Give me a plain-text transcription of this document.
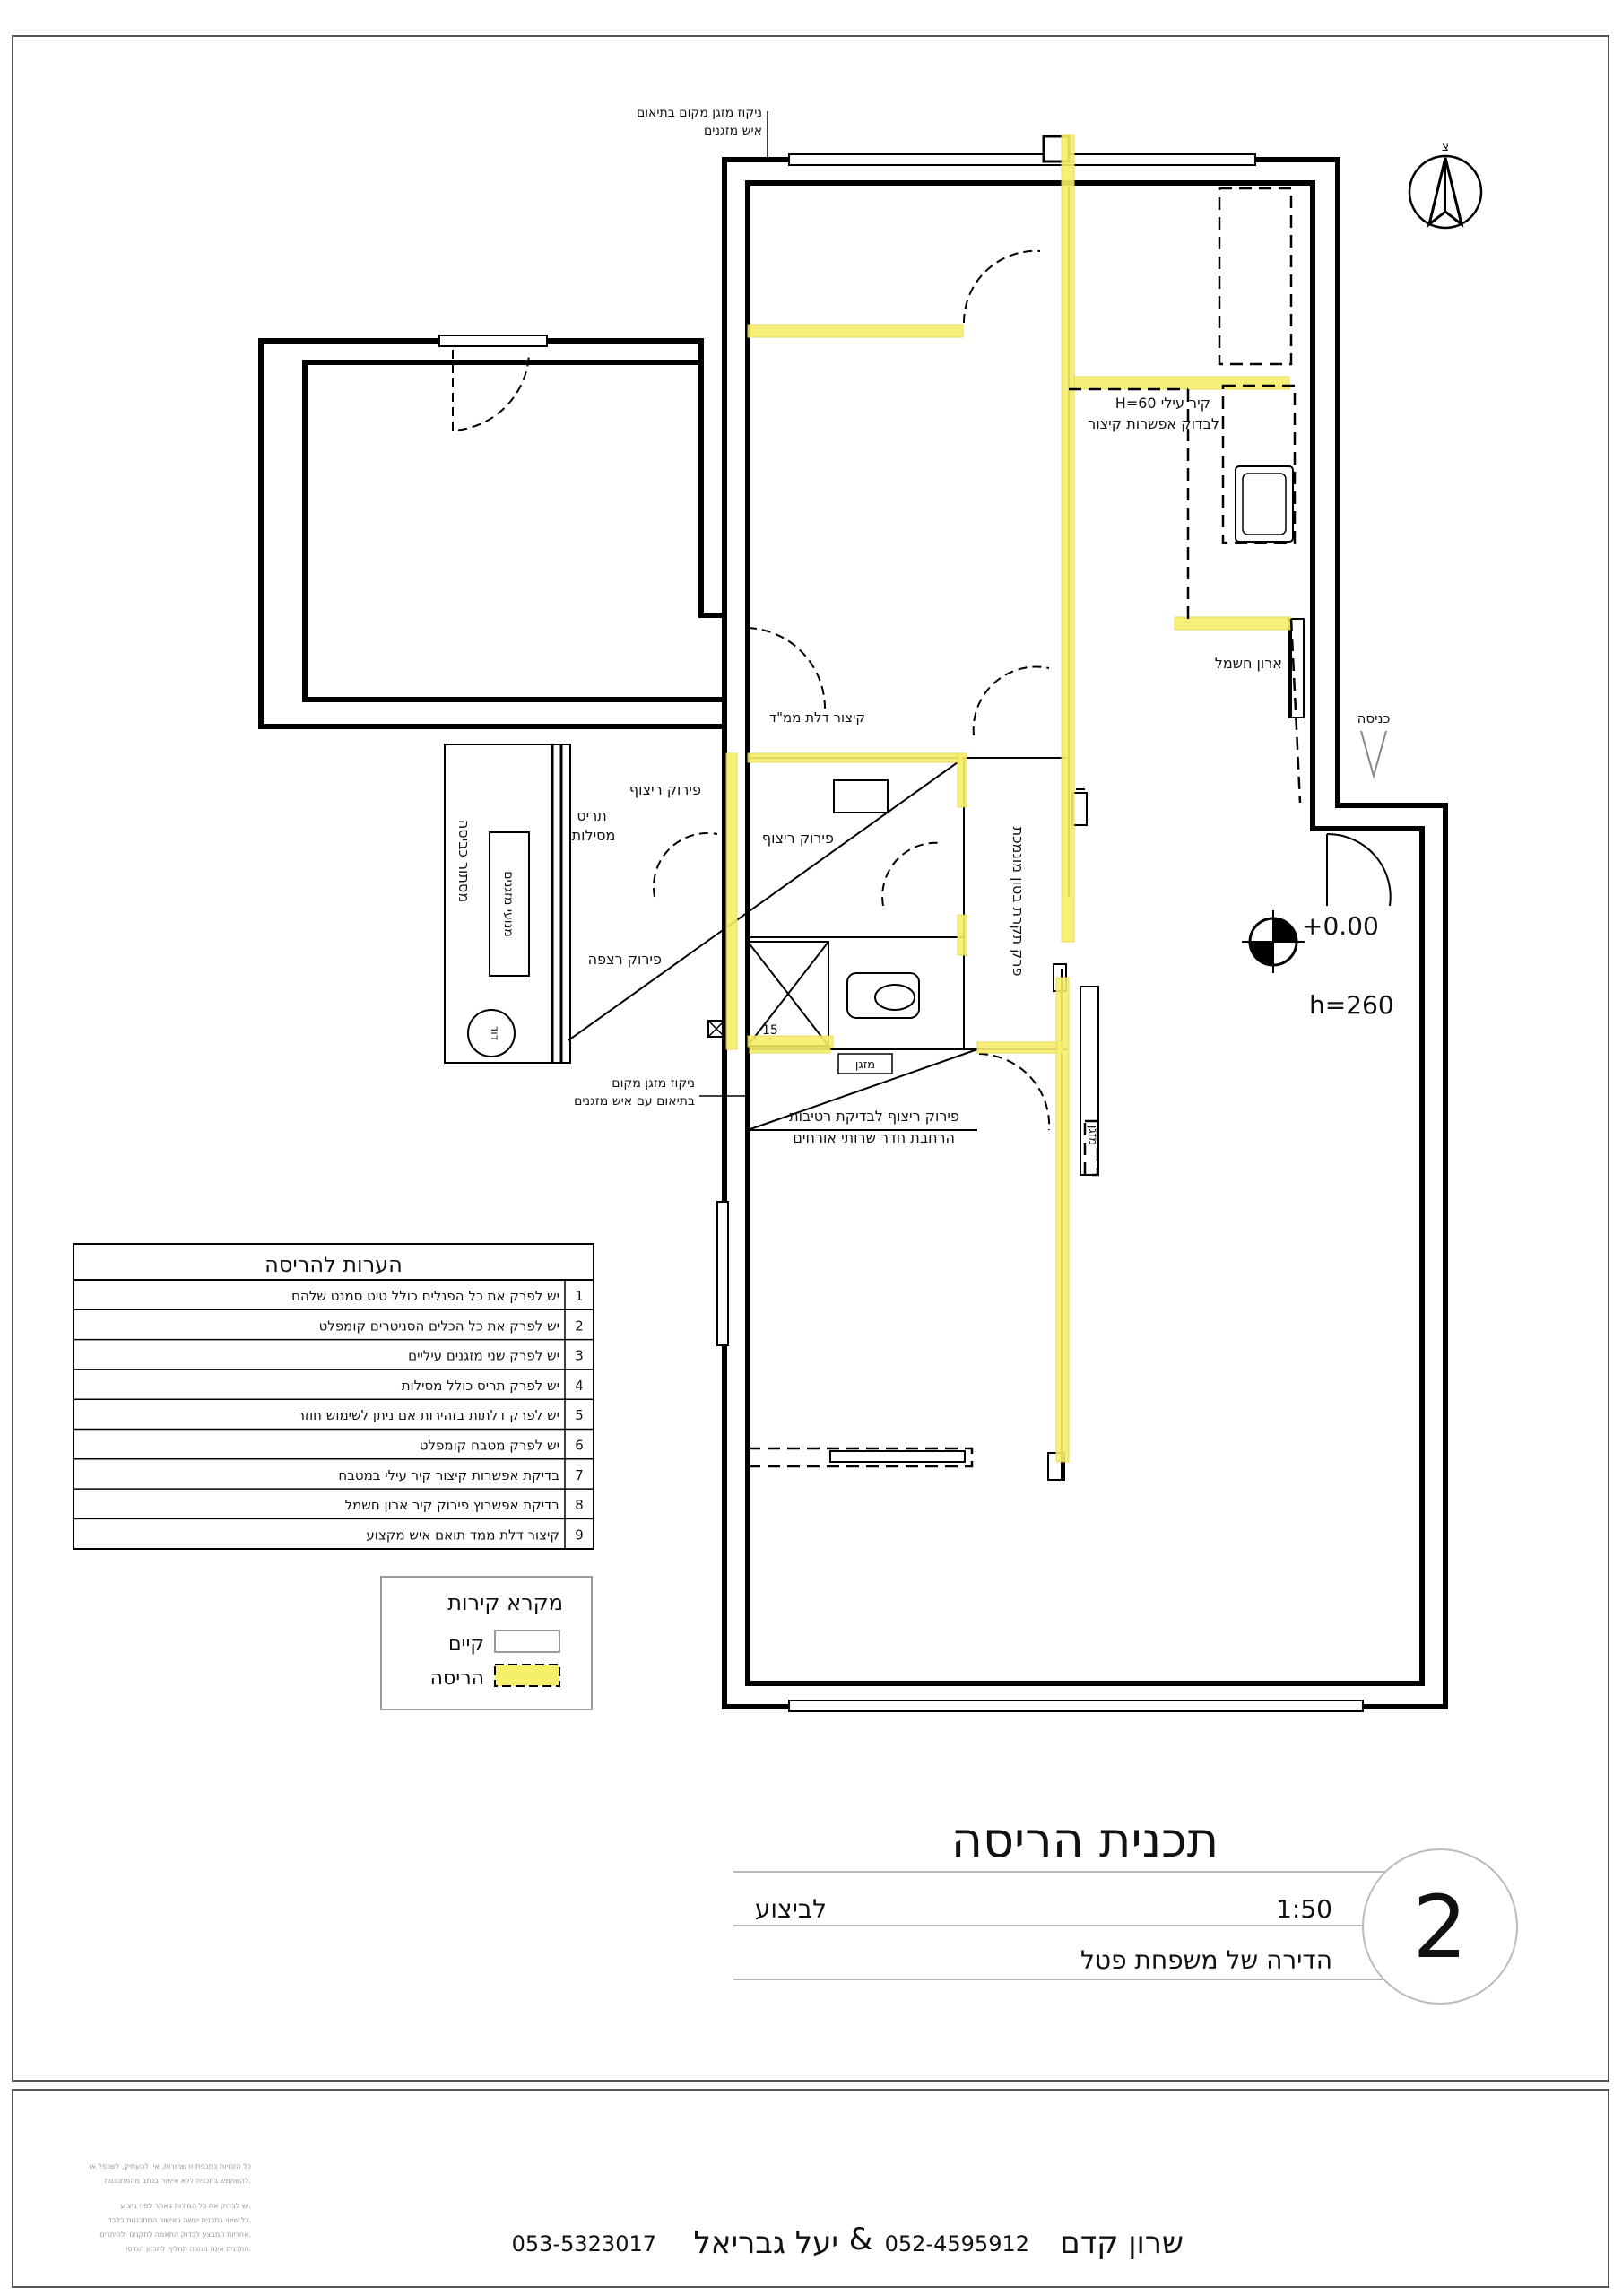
ניקוז מזגן מקום בתיאום
איש מזגנים
H=60 קיר עילי
לבדוק אפשרות קיצור
ארון חשמל
כניסה
קיצור דלת ממ"ד
פירוק ריצוף
פירוק ריצוף
פירוק רצפה
תריס
מסילות	פרק תקרת בטון מונמכת
מסתור כביסה
מנועי מזגנים
דוד
ניקוז מזגן מקום
בתיאום עם איש מזגנים
מזגן
מזגן
פירוק ריצוף לבדיקת רטיבות
הרחבת חדר שרותי אורחים
+0.00
h=260
צ
15
הערות להריסה
1
יש לפרק את כל הפנלים כולל טיט סמנט שלהם
2
יש לפרק את כל הכלים הסניטרים קומפלט
3
יש לפרק שני מזגנים עיליים
4
יש לפרק תריס כולל מסילות
5
יש לפרק דלתות בזהירות אם ניתן לשימוש חוזר
6
יש לפרק מטבח קומפלט
7
בדיקת אפשרות קיצור קיר עילי במטבח
8
בדיקת אפשרוץ פירוק קיר ארון חשמל
9
קיצור דלת ממד תואם איש מקצוע
מקרא קירות
קיים
הריסה
תכנית הריסה
לביצוע	1:50
הדירה של משפחת פטל 2
כל הזכויות בתכנית זו שמורות. אין להעתיק, לשכפל או
להשתמש בתכנית ללא אישור בכתב מהמתכננות.
יש לבדוק את כל המידות באתר לפני ביצוע.
כל שינוי בתכנית יעשה באישור המתכננות בלבד.
אחריות המבצע לבדוק התאמה לתקנים ולהיתרים.
התכנית אינה מהווה תחליף לתכנון הנדסי.	שרון קדם
052-4595912
&
יעל גבריאל
053-5323017
